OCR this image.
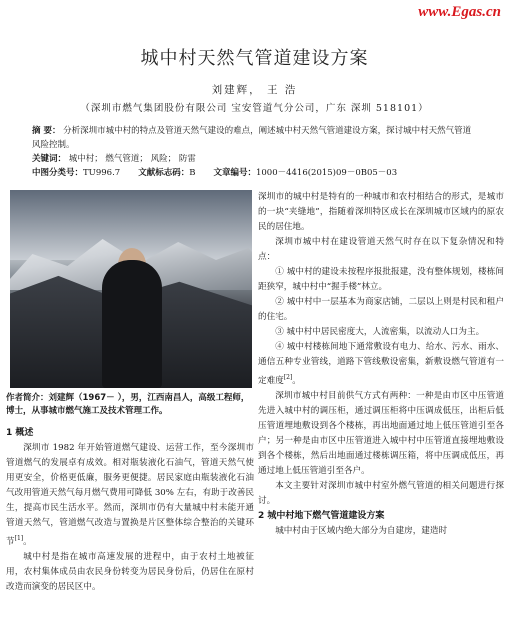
www.Egas.cn
城中村天然气管道建设方案
刘建辉， 王 浩
（深圳市燃气集团股份有限公司 宝安管道气分公司，广东 深圳 518101）

摘 要： 分析深圳市城中村的特点及管道天然气建设的难点，阐述城中村天然气管道建设方案，探讨城中村天然气管道风险控制。

关键词： 城中村； 燃气管道； 风险； 防雷

中图分类号：TU996.7 文献标志码：B 文章编号：1000－4416(2015)09－0B05－03
作者简介：刘建辉（1967－ ），男，江西南昌人，高级工程师，博士，从事城市燃气施工及技术管理工作。

1 概述

深圳市 1982 年开始管道燃气建设、运营工作，至今深圳市管道燃气的发展卓有成效。相对瓶装液化石油气，管道天然气使用更安全，价格更低廉，服务更便捷。居民家庭由瓶装液化石油气改用管道天然气每月燃气费用可降低 30% 左右，有助于改善民生，提高市民生活水平。然而，深圳市仍有大量城中村未能开通管道天然气，管道燃气改造与置换是片区整体综合整治的关键环节[1]。

城中村是指在城市高速发展的进程中，由于农村土地被征用，农村集体成员由农民身份转变为居民身份后，仍居住在原村改造而演变的居民区中。

深圳市的城中村是特有的一种城市和农村相结合的形式，是城市的一块“夹缝地”，指随着深圳特区成长在深圳城市区域内的原农民的居住地。

深圳市城中村在建设管道天然气时存在以下复杂情况和特点：

① 城中村的建设未按程序报批报建，没有整体规划，楼栋间距狭窄，城中村中“握手楼”林立。

② 城中村中一层基本为商家店铺，二层以上则是村民和租户的住宅。

③ 城中村中居民密度大，人流密集，以流动人口为主。

④ 城中村楼栋间地下通常敷设有电力、给水、污水、雨水、通信五种专业管线，道路下管线敷设密集，新敷设燃气管道有一定难度[2]。

深圳市城中村目前供气方式有两种：一种是由市区中压管道先进入城中村的调压柜，通过调压柜将中压调成低压，出柜后低压管道埋地敷设到各个楼栋，再出地面通过地上低压管道引至各户；另一种是由市区中压管道进入城中村中压管道直接埋地敷设到各个楼栋，然后出地面通过楼栋调压箱，将中压调成低压，再通过地上低压管道引至各户。

本文主要针对深圳市城中村室外燃气管道的相关问题进行探讨。

2 城中村地下燃气管道建设方案

城中村由于区域内绝大部分为自建房，建造时
